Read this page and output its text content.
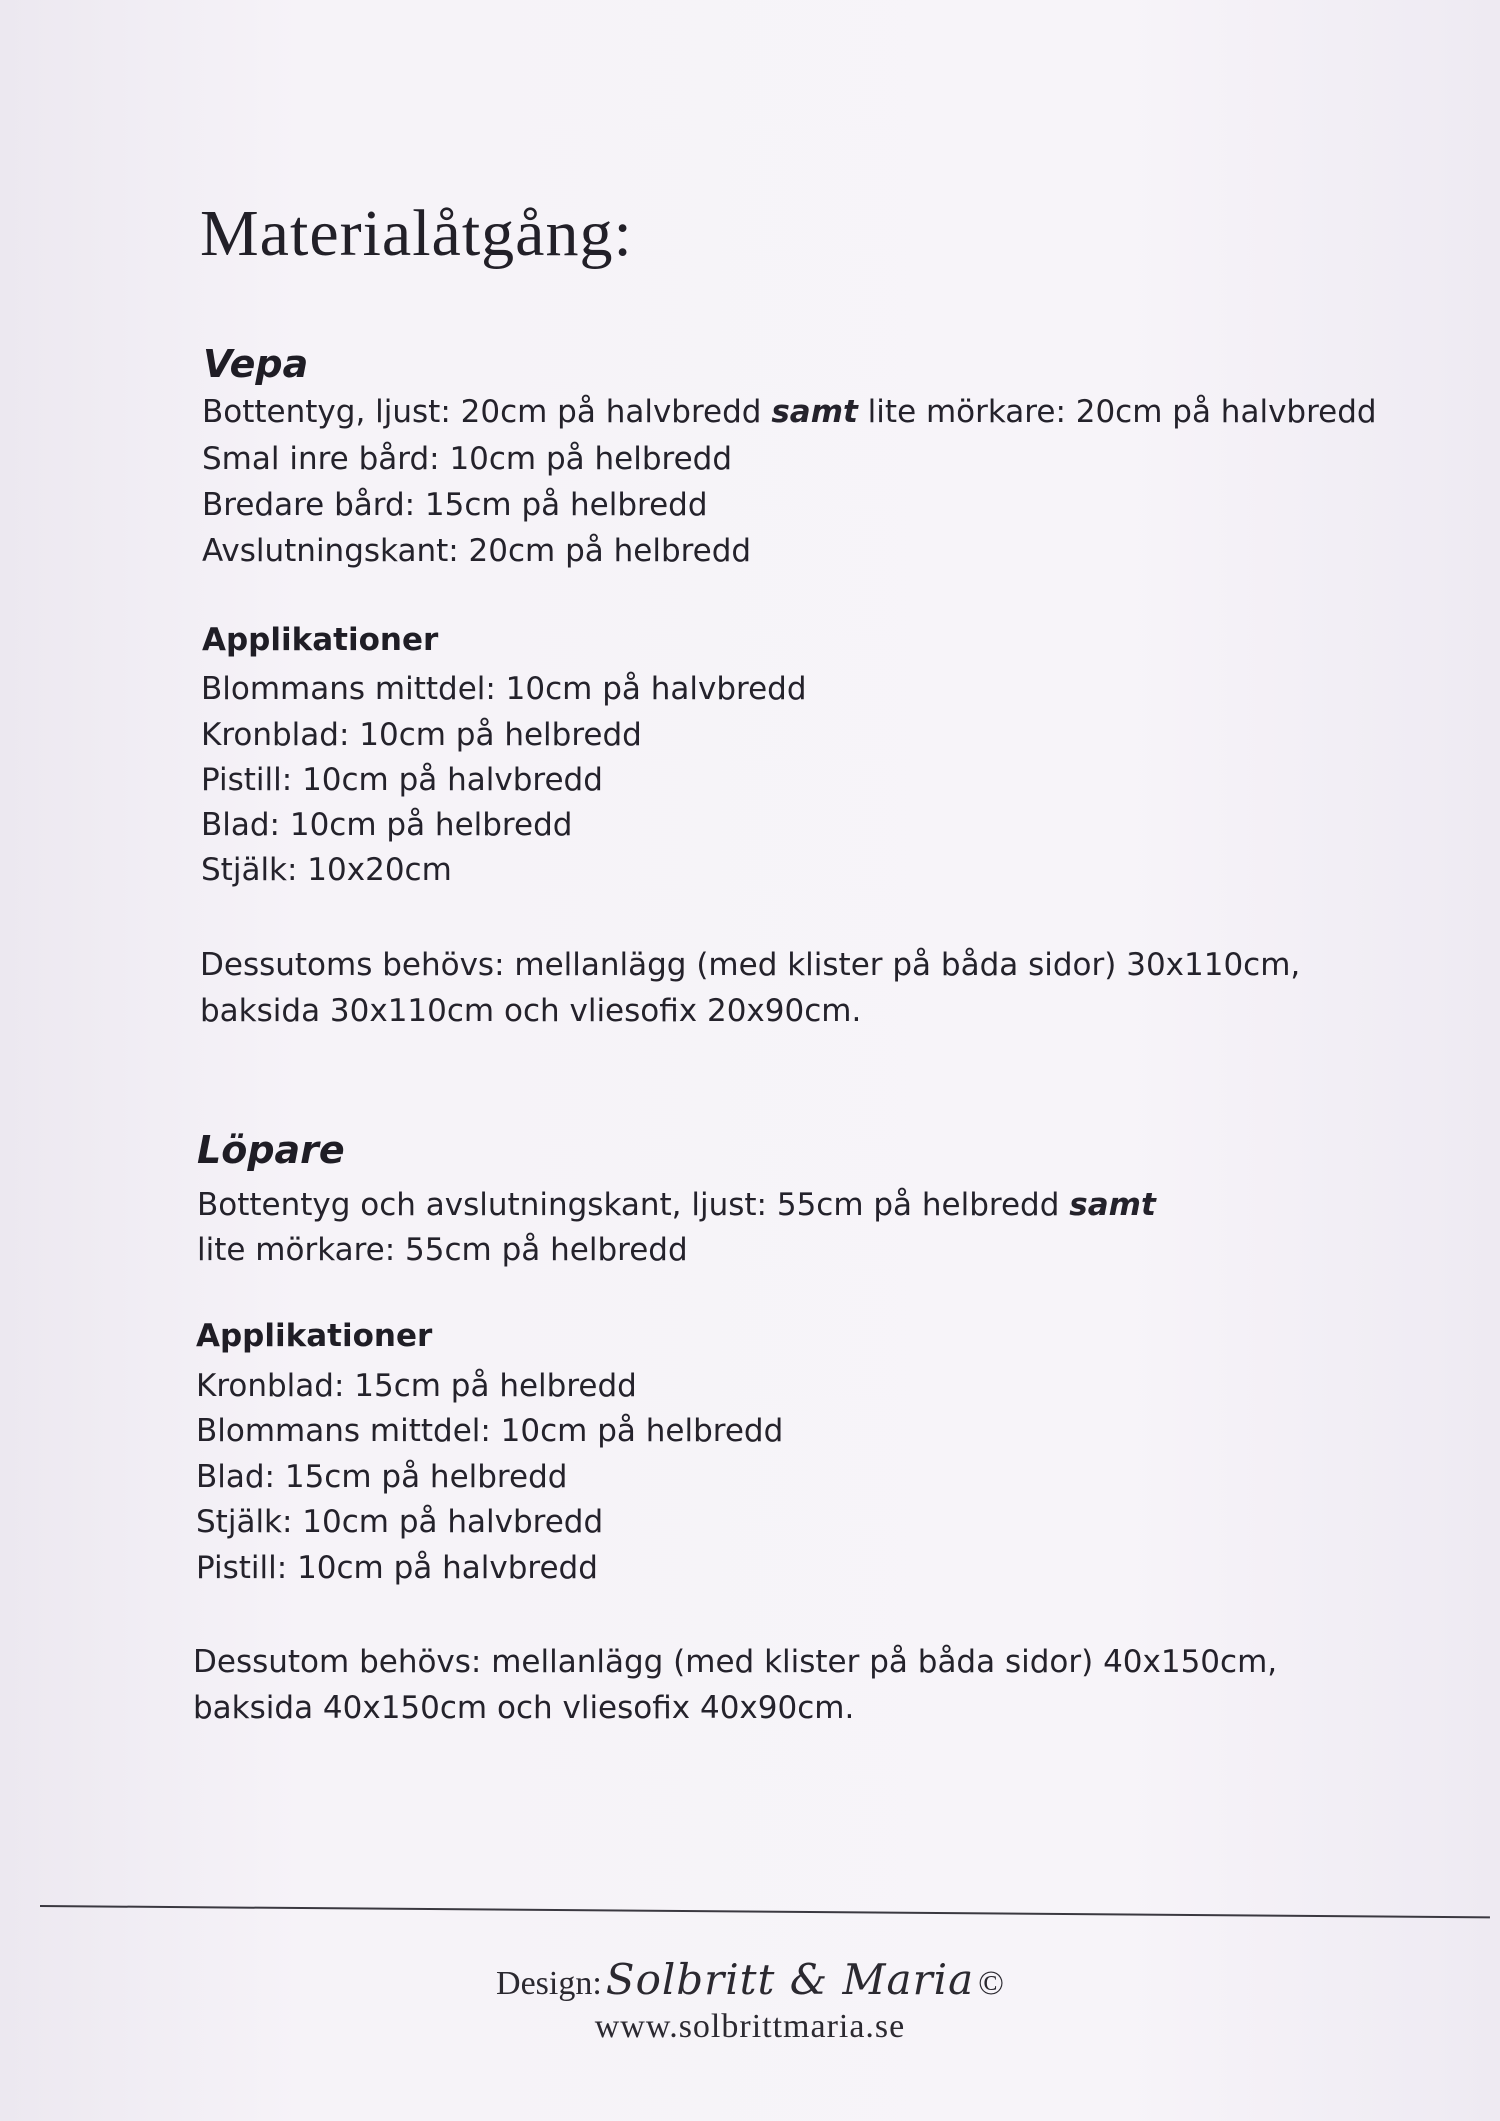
Materialåtgång:
Vepa
Bottentyg, ljust: 20cm på halvbredd samt lite mörkare: 20cm på halvbredd
Smal inre bård: 10cm på helbredd
Bredare bård: 15cm på helbredd
Avslutningskant: 20cm på helbredd
Applikationer
Blommans mittdel: 10cm på halvbredd
Kronblad: 10cm på helbredd
Pistill: 10cm på halvbredd
Blad: 10cm på helbredd
Stjälk: 10x20cm
Dessutoms behövs: mellanlägg (med klister på båda sidor) 30x110cm,
baksida 30x110cm och vliesofix 20x90cm.
Löpare
Bottentyg och avslutningskant, ljust: 55cm på helbredd samt
lite mörkare: 55cm på helbredd
Applikationer
Kronblad: 15cm på helbredd
Blommans mittdel: 10cm på helbredd
Blad: 15cm på helbredd
Stjälk: 10cm på halvbredd
Pistill: 10cm på halvbredd
Dessutom behövs: mellanlägg (med klister på båda sidor) 40x150cm,
baksida 40x150cm och vliesofix 40x90cm.
Design: Solbritt & Maria ©
www.solbrittmaria.se
